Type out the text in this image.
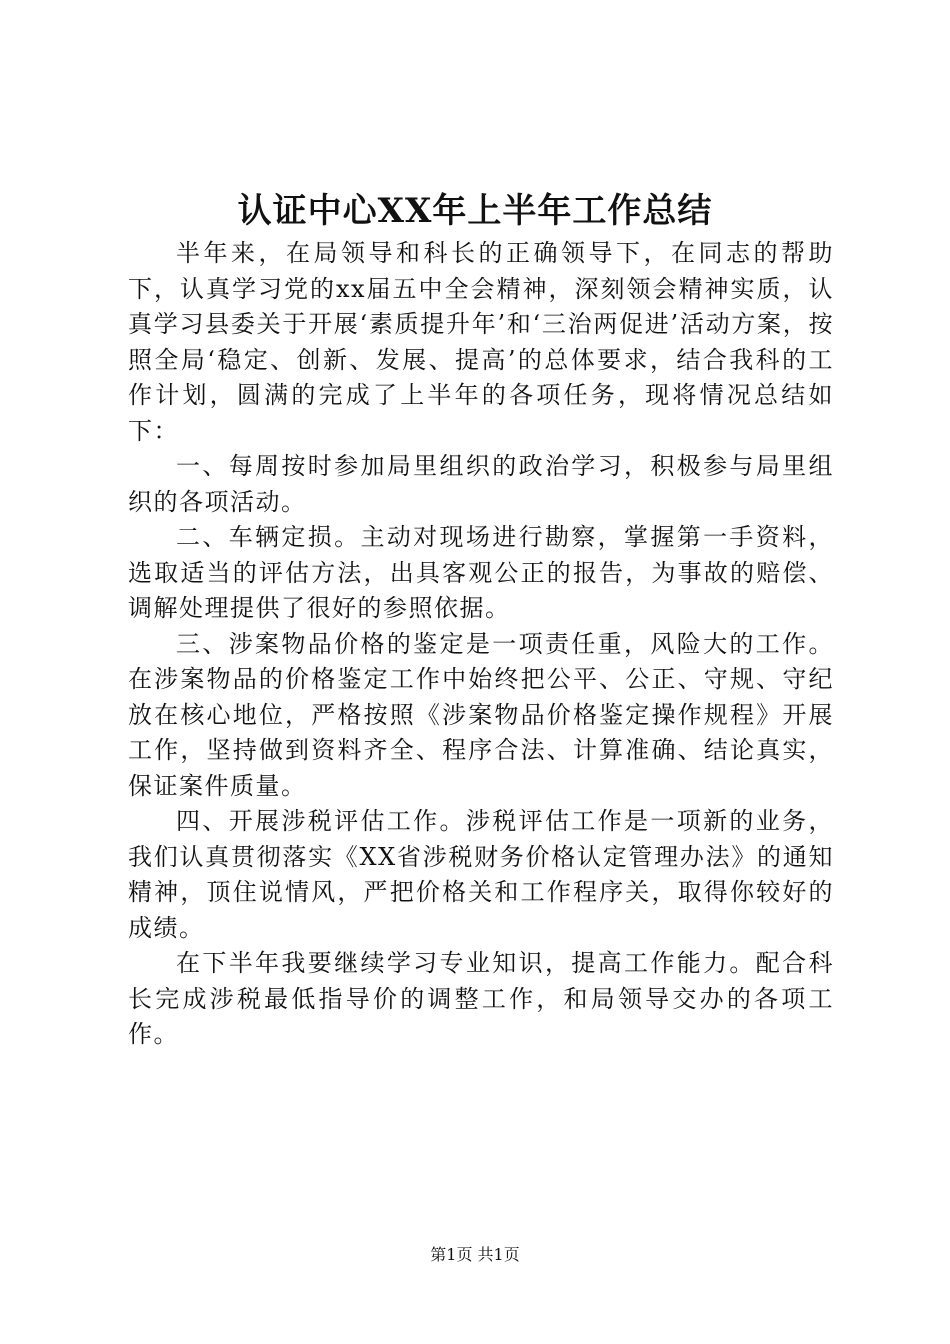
认证中心XX年上半年工作总结

半年来，在局领导和科长的正确领导下，在同志的帮助下，认真学习党的xx届五中全会精神，深刻领会精神实质，认真学习县委关于开展‘素质提升年’和‘三治两促进’活动方案，按照全局‘稳定、创新、发展、提高’的总体要求，结合我科的工作计划，圆满的完成了上半年的各项任务，现将情况总结如下：

一、每周按时参加局里组织的政治学习，积极参与局里组织的各项活动。

二、车辆定损。主动对现场进行勘察，掌握第一手资料，选取适当的评估方法，出具客观公正的报告，为事故的赔偿、调解处理提供了很好的参照依据。

三、涉案物品价格的鉴定是一项责任重，风险大的工作。在涉案物品的价格鉴定工作中始终把公平、公正、守规、守纪放在核心地位，严格按照《涉案物品价格鉴定操作规程》开展工作，坚持做到资料齐全、程序合法、计算准确、结论真实，保证案件质量。

四、开展涉税评估工作。涉税评估工作是一项新的业务，我们认真贯彻落实《XX省涉税财务价格认定管理办法》的通知精神，顶住说情风，严把价格关和工作程序关，取得你较好的成绩。

在下半年我要继续学习专业知识，提高工作能力。配合科长完成涉税最低指导价的调整工作，和局领导交办的各项工作。

第1页 共1页
